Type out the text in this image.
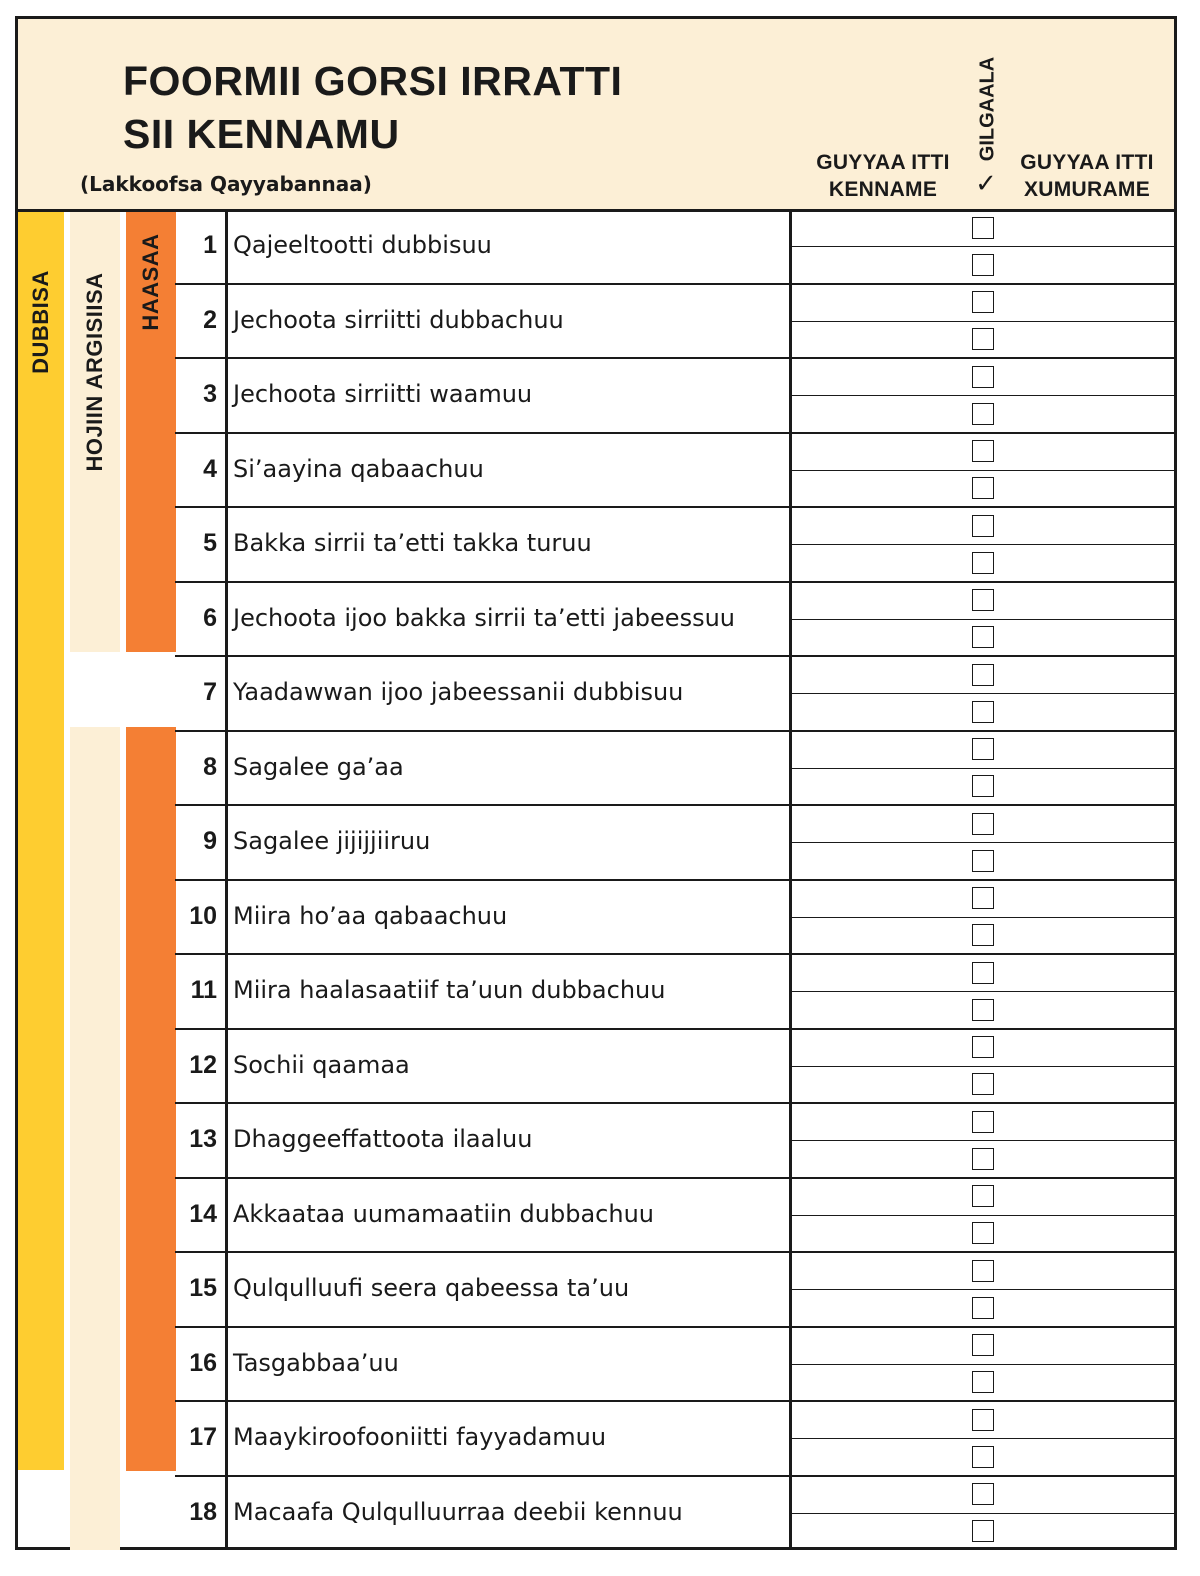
FOORMII GORSI IRRATTI
SII KENNAMU
(Lakkoofsa Qayyabannaa)
GUYYAA ITTI KENNAME
GILGAALA
✓
GUYYAA ITTI XUMURAME
DUBBISA HOJIIN ARGISIISA HAASAA	1 Qajeeltootti dubbisuu
2 Jechoota sirriitti dubbachuu
3 Jechoota sirriitti waamuu
4 Si’aayina qabaachuu
5 Bakka sirrii ta’etti takka turuu
6 Jechoota ijoo bakka sirrii ta’etti jabeessuu
7 Yaadawwan ijoo jabeessanii dubbisuu
8 Sagalee ga’aa
9 Sagalee jijijjiiruu
10 Miira ho’aa qabaachuu
11 Miira haalasaatiif ta’uun dubbachuu
12 Sochii qaamaa
13 Dhaggeeffattoota ilaaluu
14 Akkaataa uumamaatiin dubbachuu
15 Qulqulluufi seera qabeessa ta’uu
16 Tasgabbaa’uu
17 Maaykiroofooniitti fayyadamuu
18 Macaafa Qulqulluurraa deebii kennuu
